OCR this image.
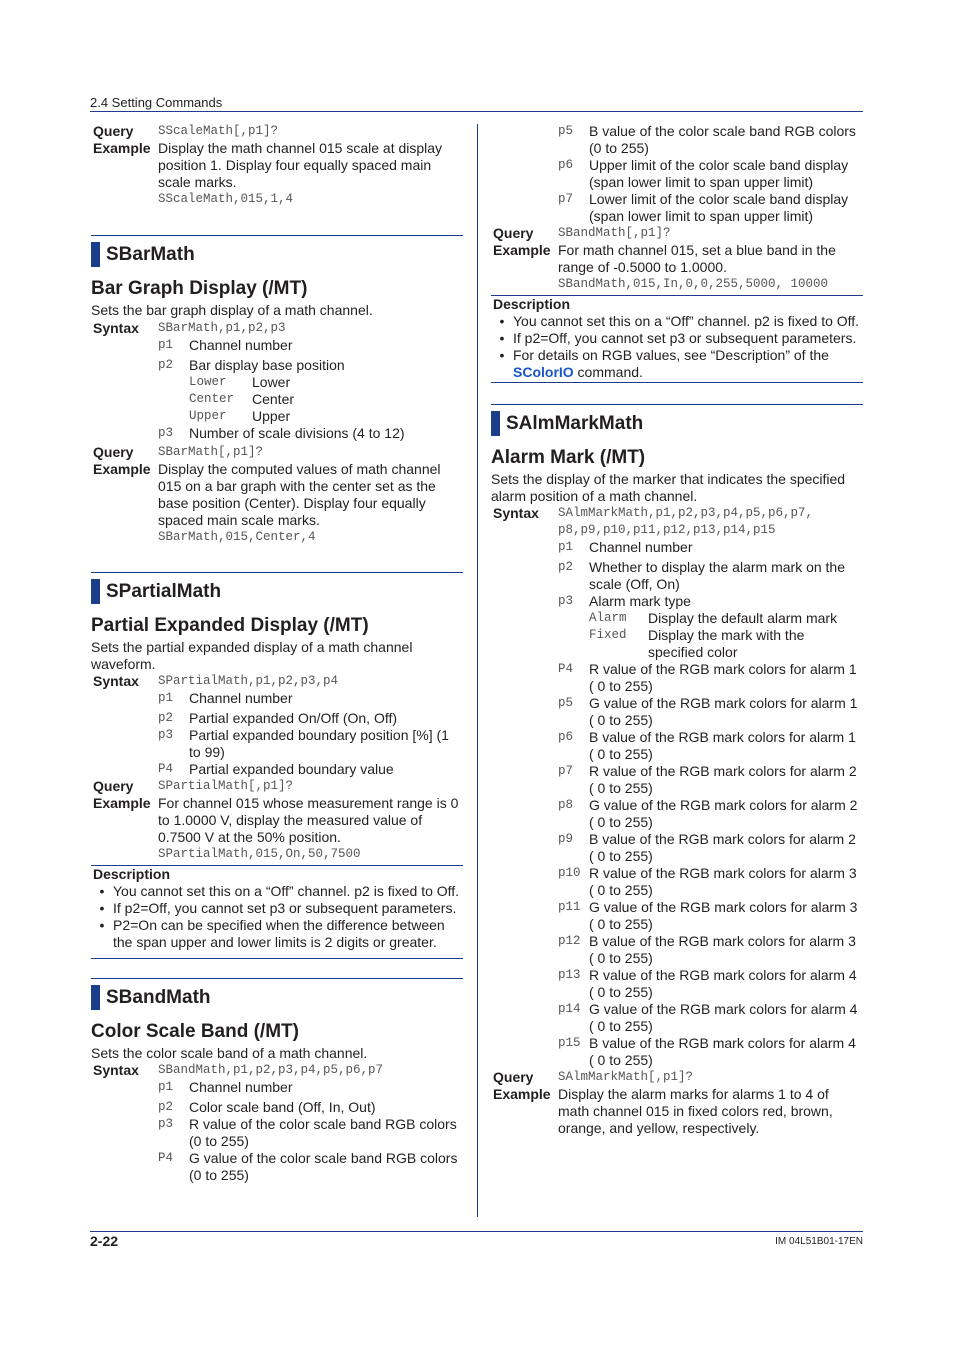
2.4 Setting Commands
Query	SScaleMath[,p1]?
Example Display the math channel 015 scale at display position 1. Display four equally spaced main scale marks.
SScaleMath,015,1,4
SBarMath
Bar Graph Display (/MT)
Sets the bar graph display of a math channel.
Syntax	SBarMath,p1,p2,p3
p1	Channel number
p2	Bar display base position
Lower	Lower
Center	Center
Upper	Upper
p3	Number of scale divisions (4 to 12)
Query	SBarMath[,p1]?
Example Display the computed values of math channel 015 on a bar graph with the center set as the base position (Center). Display four equally spaced main scale marks.
SBarMath,015,Center,4
SPartialMath
Partial Expanded Display (/MT)
Sets the partial expanded display of a math channel waveform.
Syntax	SPartialMath,p1,p2,p3,p4
p1	Channel number
p2	Partial expanded On/Off (On, Off)
p3	Partial expanded boundary position [%] (1 to 99)
P4	Partial expanded boundary value
Query	SPartialMath[,p1]?
Example For channel 015 whose measurement range is 0 to 1.0000 V, display the measured value of 0.7500 V at the 50% position.
SPartialMath,015,On,50,7500
Description
• You cannot set this on a “Off” channel. p2 is fixed to Off.
• If p2=Off, you cannot set p3 or subsequent parameters.
• P2=On can be specified when the difference between the span upper and lower limits is 2 digits or greater.
SBandMath
Color Scale Band (/MT)
Sets the color scale band of a math channel.
Syntax	SBandMath,p1,p2,p3,p4,p5,p6,p7
p1	Channel number
p2	Color scale band (Off, In, Out)
p3	R value of the color scale band RGB colors (0 to 255)
P4	G value of the color scale band RGB colors (0 to 255)
p5	B value of the color scale band RGB colors (0 to 255)
p6	Upper limit of the color scale band display (span lower limit to span upper limit)
p7	Lower limit of the color scale band display (span lower limit to span upper limit)
Query	SBandMath[,p1]?
Example For math channel 015, set a blue band in the range of -0.5000 to 1.0000.
SBandMath,015,In,0,0,255,5000, 10000
Description
• You cannot set this on a “Off” channel. p2 is fixed to Off.
• If p2=Off, you cannot set p3 or subsequent parameters.
• For details on RGB values, see “Description” of the SColorIO command.
SAlmMarkMath
Alarm Mark (/MT)
Sets the display of the marker that indicates the specified alarm position of a math channel.
Syntax	SAlmMarkMath,p1,p2,p3,p4,p5,p6,p7, p8,p9,p10,p11,p12,p13,p14,p15
p1	Channel number
p2	Whether to display the alarm mark on the scale (Off, On)
p3	Alarm mark type
Alarm	Display the default alarm mark
Fixed	Display the mark with the specified color
P4	R value of the RGB mark colors for alarm 1 ( 0 to 255)
p5	G value of the RGB mark colors for alarm 1 ( 0 to 255)
p6	B value of the RGB mark colors for alarm 1 ( 0 to 255)
p7	R value of the RGB mark colors for alarm 2 ( 0 to 255)
p8	G value of the RGB mark colors for alarm 2 ( 0 to 255)
p9	B value of the RGB mark colors for alarm 2 ( 0 to 255)
p10 R value of the RGB mark colors for alarm 3 ( 0 to 255)
p11 G value of the RGB mark colors for alarm 3 ( 0 to 255)
p12 B value of the RGB mark colors for alarm 3 ( 0 to 255)
p13 R value of the RGB mark colors for alarm 4 ( 0 to 255)
p14 G value of the RGB mark colors for alarm 4 ( 0 to 255)
p15 B value of the RGB mark colors for alarm 4 ( 0 to 255)
Query	SAlmMarkMath[,p1]?
Example Display the alarm marks for alarms 1 to 4 of math channel 015 in fixed colors red, brown, orange, and yellow, respectively.
2-22	IM 04L51B01-17EN
